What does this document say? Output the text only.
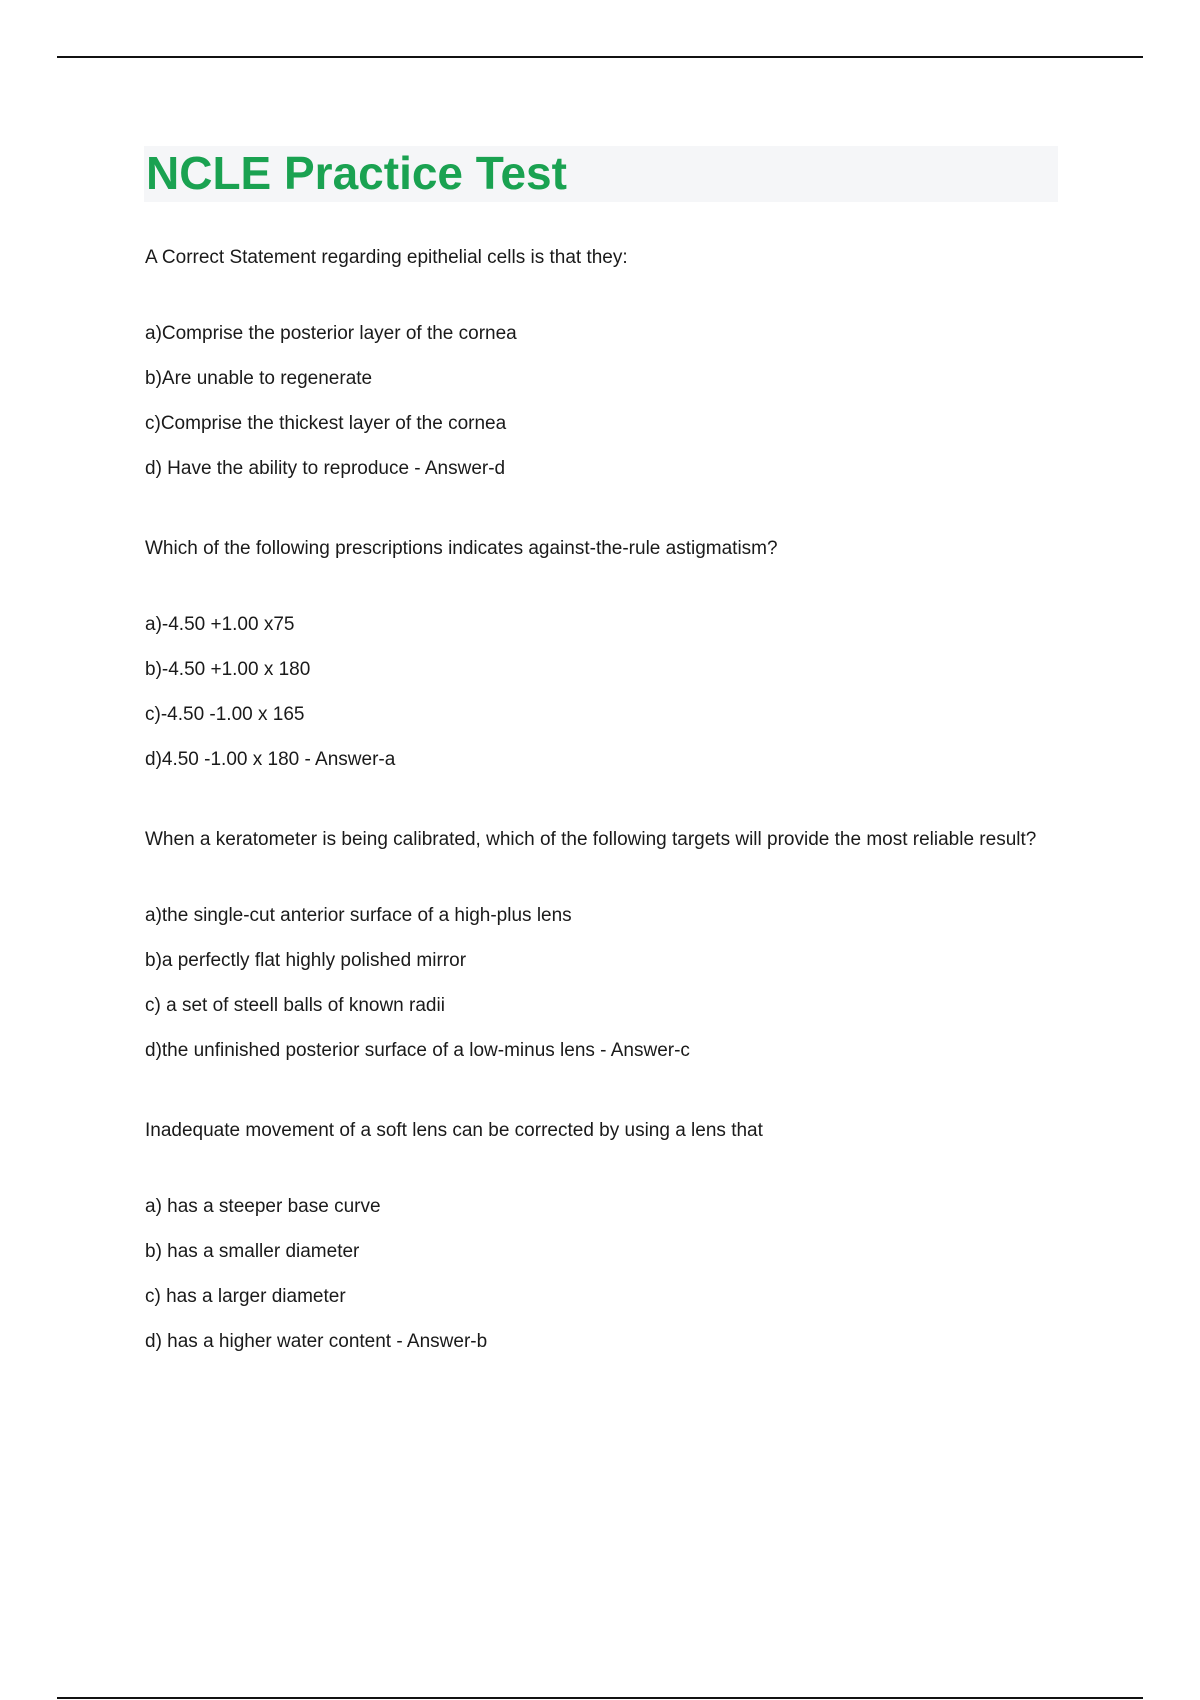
NCLE Practice Test

A Correct Statement regarding epithelial cells is that they:

a)Comprise the posterior layer of the cornea

b)Are unable to regenerate

c)Comprise the thickest layer of the cornea

d) Have the ability to reproduce - Answer-d

Which of the following prescriptions indicates against-the-rule astigmatism?

a)-4.50 +1.00 x75

b)-4.50 +1.00 x 180

c)-4.50 -1.00 x 165

d)4.50 -1.00 x 180 - Answer-a

When a keratometer is being calibrated, which of the following targets will provide the most reliable result?

a)the single-cut anterior surface of a high-plus lens

b)a perfectly flat highly polished mirror

c) a set of steell balls of known radii

d)the unfinished posterior surface of a low-minus lens - Answer-c

Inadequate movement of a soft lens can be corrected by using a lens that

a) has a steeper base curve

b) has a smaller diameter

c) has a larger diameter

d) has a higher water content - Answer-b
